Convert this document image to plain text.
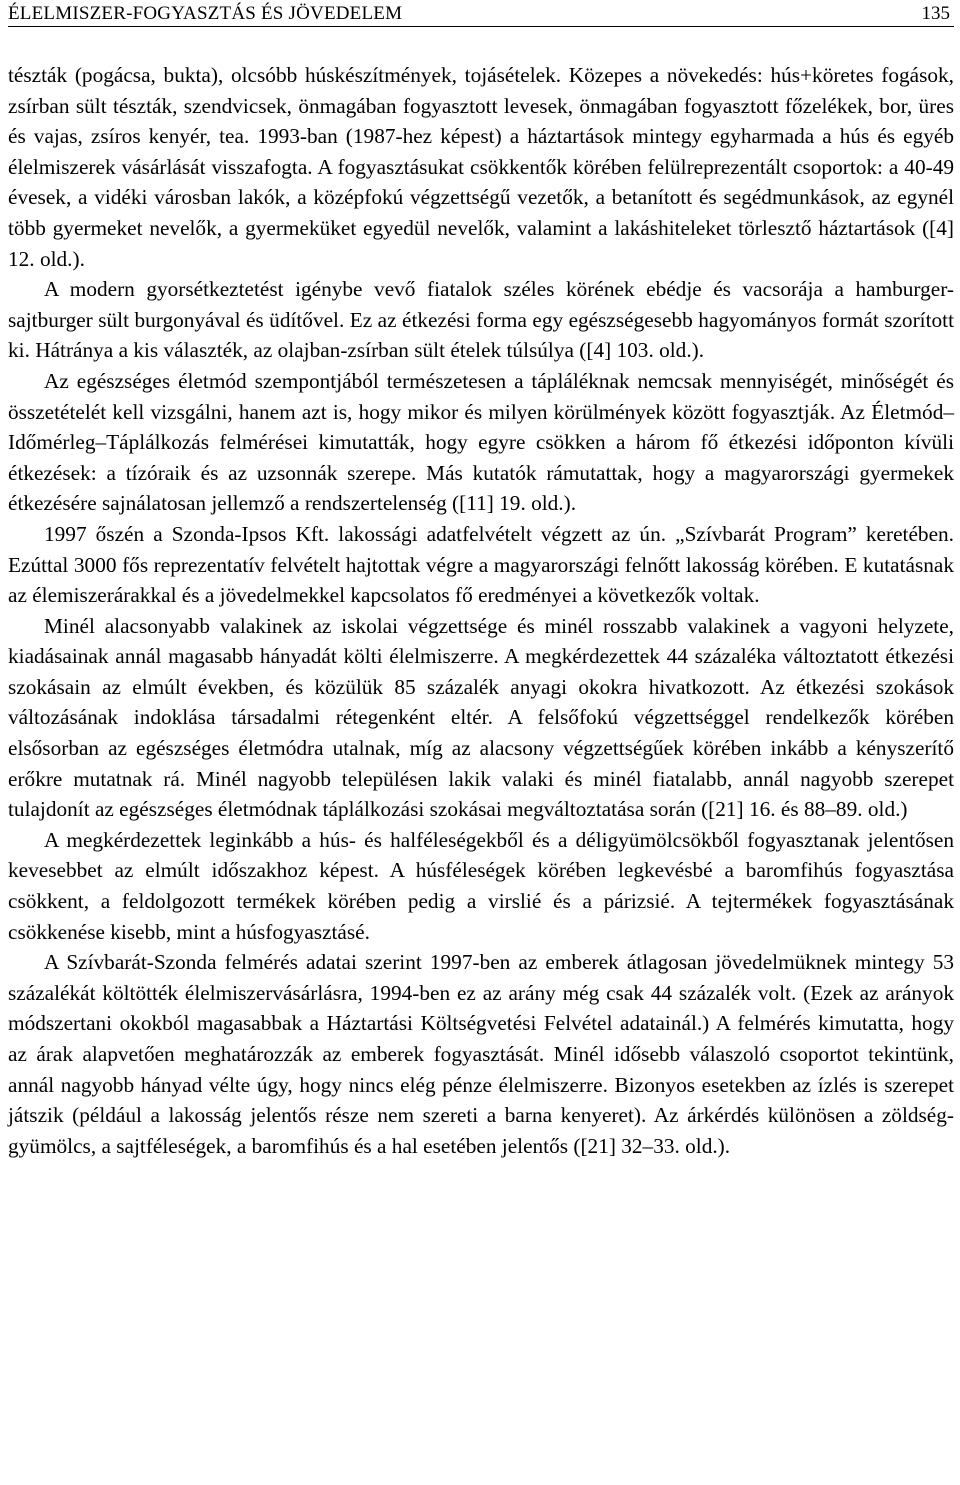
ÉLELMISZER-FOGYASZTÁS ÉS JÖVEDELEM	135

tészták (pogácsa, bukta), olcsóbb húskészítmények, tojásételek. Közepes a növekedés: hús+köretes fogások, zsírban sült tészták, szendvicsek, önmagában fogyasztott levesek, önmagában fogyasztott főzelékek, bor, üres és vajas, zsíros kenyér, tea. 1993-ban (1987-hez képest) a háztartások mintegy egyharmada a hús és egyéb élelmiszerek vásárlását visszafogta. A fogyasztásukat csökkentők körében felülreprezentált csoportok: a 40-49 évesek, a vidéki városban lakók, a középfokú végzettségű vezetők, a betanított és segédmunkások, az egynél több gyermeket nevelők, a gyermeküket egyedül nevelők, valamint a lakáshiteleket törlesztő háztartások ([4] 12. old.).

A modern gyorsétkeztetést igénybe vevő fiatalok széles körének ebédje és vacsorája a hamburger-sajtburger sült burgonyával és üdítővel. Ez az étkezési forma egy egészségesebb hagyományos formát szorított ki. Hátránya a kis választék, az olajban-zsírban sült ételek túlsúlya ([4] 103. old.).

Az egészséges életmód szempontjából természetesen a tápláléknak nemcsak mennyiségét, minőségét és összetételét kell vizsgálni, hanem azt is, hogy mikor és milyen körülmények között fogyasztják. Az Életmód–Időmérleg–Táplálkozás felmérései kimutatták, hogy egyre csökken a három fő étkezési időponton kívüli étkezések: a tízóraik és az uzsonnák szerepe. Más kutatók rámutattak, hogy a magyarországi gyermekek étkezésére sajnálatosan jellemző a rendszertelenség ([11] 19. old.).

1997 őszén a Szonda-Ipsos Kft. lakossági adatfelvételt végzett az ún. „Szívbarát Program” keretében. Ezúttal 3000 fős reprezentatív felvételt hajtottak végre a magyarországi felnőtt lakosság körében. E kutatásnak az élemiszerárakkal és a jövedelmekkel kapcsolatos fő eredményei a következők voltak.

Minél alacsonyabb valakinek az iskolai végzettsége és minél rosszabb valakinek a vagyoni helyzete, kiadásainak annál magasabb hányadát költi élelmiszerre. A megkérdezettek 44 százaléka változtatott étkezési szokásain az elmúlt években, és közülük 85 százalék anyagi okokra hivatkozott. Az étkezési szokások változásának indoklása társadalmi rétegenként eltér. A felsőfokú végzettséggel rendelkezők körében elsősorban az egészséges életmódra utalnak, míg az alacsony végzettségűek körében inkább a kényszerítő erőkre mutatnak rá. Minél nagyobb településen lakik valaki és minél fiatalabb, annál nagyobb szerepet tulajdonít az egészséges életmódnak táplálkozási szokásai megváltoztatása során ([21] 16. és 88–89. old.)

A megkérdezettek leginkább a hús- és halféleségekből és a déligyümölcsökből fogyasztanak jelentősen kevesebbet az elmúlt időszakhoz képest. A húsféleségek körében legkevésbé a baromfihús fogyasztása csökkent, a feldolgozott termékek körében pedig a virslié és a párizsié. A tejtermékek fogyasztásának csökkenése kisebb, mint a húsfogyasztásé.

A Szívbarát-Szonda felmérés adatai szerint 1997-ben az emberek átlagosan jövedelmüknek mintegy 53 százalékát költötték élelmiszervásárlásra, 1994-ben ez az arány még csak 44 százalék volt. (Ezek az arányok módszertani okokból magasabbak a Háztartási Költségvetési Felvétel adatainál.) A felmérés kimutatta, hogy az árak alapvetően meghatározzák az emberek fogyasztását. Minél idősebb válaszoló csoportot tekintünk, annál nagyobb hányad vélte úgy, hogy nincs elég pénze élelmiszerre. Bizonyos esetekben az ízlés is szerepet játszik (például a lakosság jelentős része nem szereti a barna kenyeret). Az árkérdés különösen a zöldség-gyümölcs, a sajtféleségek, a baromfihús és a hal esetében jelentős ([21] 32–33. old.).
